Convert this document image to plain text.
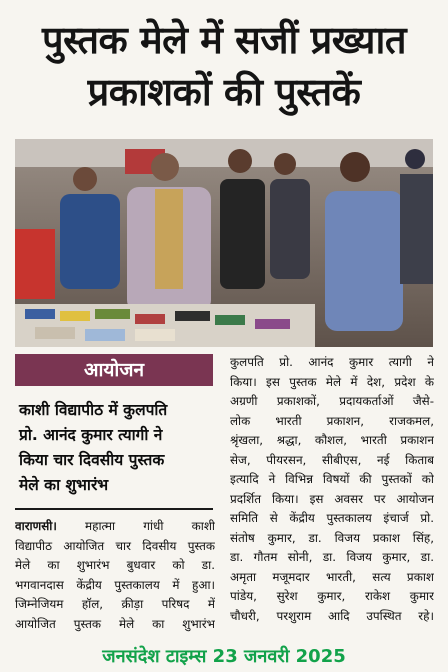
पुस्तक मेले में सजीं प्रख्यात
प्रकाशकों की पुस्तकें
आयोजन
काशी विद्यापीठ में कुलपति
प्रो. आनंद कुमार त्यागी ने
किया चार दिवसीय पुस्तक
मेले का शुभारंभ

वाराणसी। महात्मा गांधी काशी

विद्यापीठ आयोजित चार दिवसीय पुस्तक

मेले का शुभारंभ बुधवार को डा.

भगवानदास केंद्रीय पुस्तकालय में हुआ।

जिम्नेजियम हॉल, क्रीड़ा परिषद में

आयोजित पुस्तक मेले का शुभारंभ

कुलपति प्रो. आनंद कुमार त्यागी ने

किया। इस पुस्तक मेले में देश, प्रदेश के

अग्रणी प्रकाशकों, प्रदायकर्ताओं जैसे-

लोक भारती प्रकाशन, राजकमल,

श्रृंखला, श्रद्धा, कौशल, भारती प्रकाशन

सेज, पीयरसन, सीबीएस, नई किताब

इत्यादि ने विभिन्न विषयों की पुस्तकों को

प्रदर्शित किया। इस अवसर पर आयोजन

समिति से केंद्रीय पुस्तकालय इंचार्ज प्रो.

संतोष कुमार, डा. विजय प्रकाश सिंह,

डा. गौतम सोनी, डा. विजय कुमार, डा.

अमृता मजूमदार भारती, सत्य प्रकाश

पांडेय, सुरेश कुमार, राकेश कुमार

चौधरी, परशुराम आदि उपस्थित रहे।

जनसंदेश टाइम्स 23 जनवरी 2025
